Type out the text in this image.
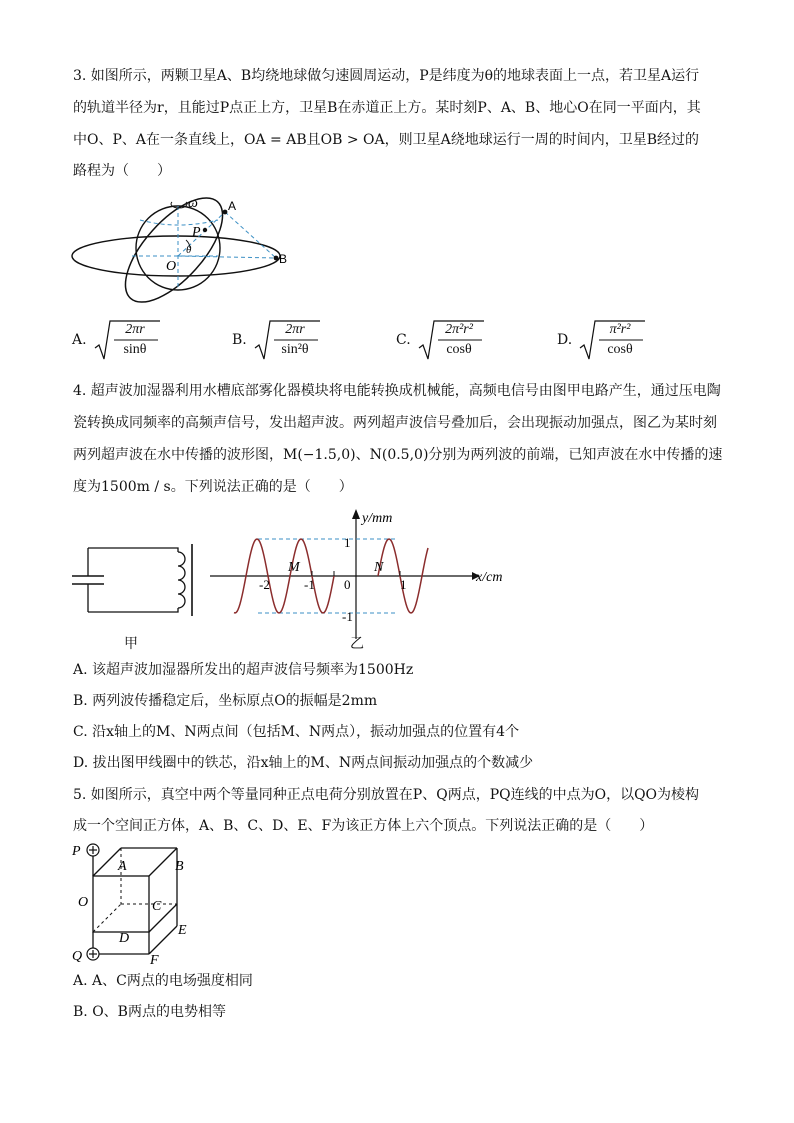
3. 如图所示，两颗卫星A、B均绕地球做匀速圆周运动，P是纬度为θ的地球表面上一点，若卫星A运行
的轨道半径为r，且能过P点正上方，卫星B在赤道正上方。某时刻P、A、B、地心O在同一平面内，其
中O、P、A在一条直线上，OA = AB且OB > OA，则卫星A绕地球运行一周的时间内，卫星B经过的
路程为（　　）
ω	A
P
θ
O	B
A.
2πr
sinθ
B.
2πr
sin²θ
C.
2π²r²
cosθ
D.
π²r²
cosθ
4. 超声波加湿器利用水槽底部雾化器模块将电能转换成机械能，高频电信号由图甲电路产生，通过压电陶
瓷转换成同频率的高频声信号，发出超声波。两列超声波信号叠加后，会出现振动加强点，图乙为某时刻
两列超声波在水中传播的波形图，M(−1.5,0)、N(0.5,0)分别为两列波的前端，已知声波在水中传播的速
度为1500m / s。下列说法正确的是（　　）
甲
-2	-1 0	1
1
-1
M	N
y/mm
x/cm
乙
A. 该超声波加湿器所发出的超声波信号频率为1500Hz
B. 两列波传播稳定后，坐标原点O的振幅是2mm
C. 沿x轴上的M、N两点间（包括M、N两点），振动加强点的位置有4个
D. 拔出图甲线圈中的铁芯，沿x轴上的M、N两点间振动加强点的个数减少
5. 如图所示，真空中两个等量同种正点电荷分别放置在P、Q两点，PQ连线的中点为O，以QO为棱构
成一个空间正方体，A、B、C、D、E、F为该正方体上六个顶点。下列说法正确的是（　　）
P
A	B
O	C
D
E
Q	F
A. A、C两点的电场强度相同
B. O、B两点的电势相等
